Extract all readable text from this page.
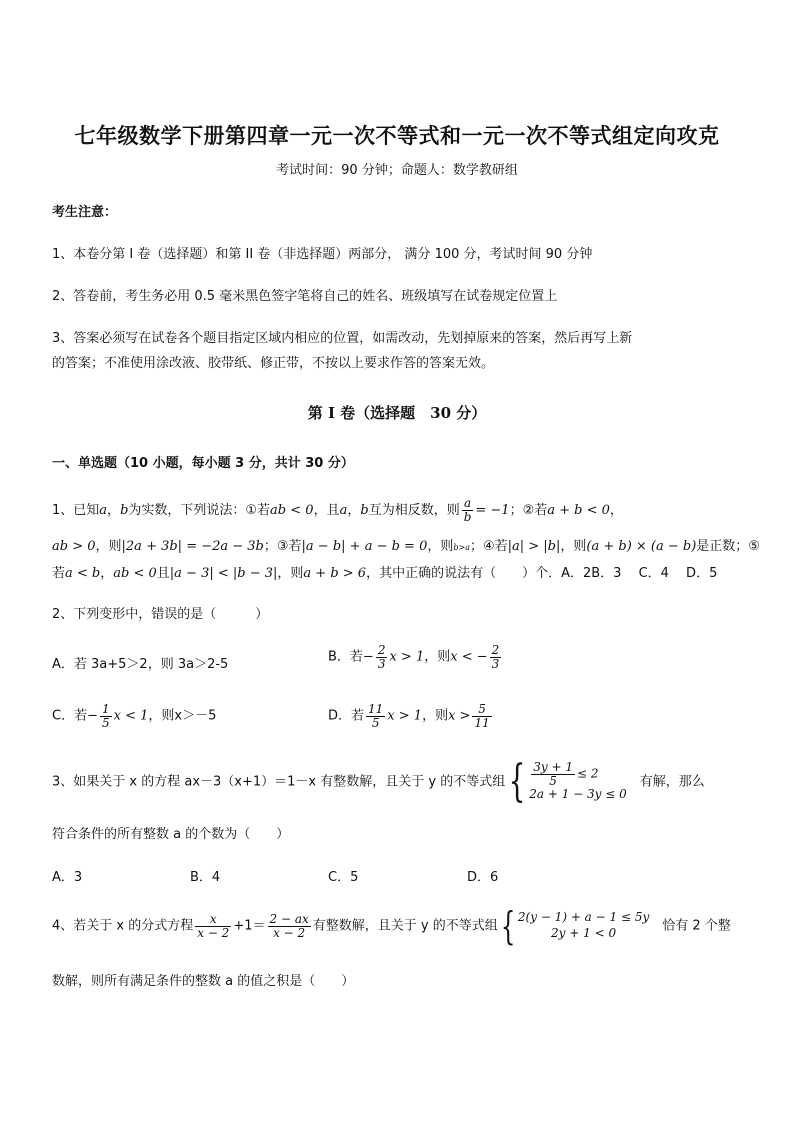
七年级数学下册第四章一元一次不等式和一元一次不等式组定向攻克
考试时间：90 分钟；命题人：数学教研组
考生注意：
1、本卷分第 I 卷（选择题）和第 II 卷（非选择题）两部分， 满分 100 分，考试时间 90 分钟
2、答卷前，考生务必用 0.5 毫米黑色签字笔将自己的姓名、班级填写在试卷规定位置上
3、答案必须写在试卷各个题目指定区域内相应的位置，如需改动，先划掉原来的答案，然后再写上新
的答案；不准使用涂改液、胶带纸、修正带，不按以上要求作答的答案无效。
第 I 卷（选择题　30 分）
一、单选题（10 小题，每小题 3 分，共计 30 分）
1、已知a，b为实数，下列说法：①若ab < 0，且a，b互为相反数，则 $\frac{a}{b} = -1$；②若a + b < 0，
ab > 0，则|2a + 3b| = −2a − 3b；③若|a − b| + a − b = 0，则b>a；④若|a| > |b|，则(a + b) × (a − b)是正数；⑤
若a < b，ab < 0且|a − 3| < |b − 3|，则a + b > 6，其中正确的说法有（　　）个．A．2B．3　 C．4　 D．5
2、下列变形中，错误的是（　　　）
A．若 3a+5＞2，则 3a＞2-5	B．若− $\frac{2}{3}$ x > 1，则x < − $\frac{2}{3}$
C．若− $\frac{1}{5}$ x < 1，则x＞－5	D．若 $\frac{11}{5}$ x > 1，则$x > \frac{5}{11}$
3、如果关于 x 的方程 ax－3（x+1）＝1－x 有整数解，且关于 y 的不等式组{ $\frac{3y + 1}{5} \le 2$
2a + 1 − 3y ≤ 0
　有解，那么
符合条件的所有整数 a 的个数为（　　）
A．3	B．4	C．5	D．6
4、若关于 x 的分式方程 $\frac{x}{x - 2} +1= \frac{2 - ax}{x - 2}$ 有整数解，且关于 y 的不等式组{ 2(y − 1) + a − 1 ≤ 5y
2y + 1 < 0
　	恰有 2 个整
数解，则所有满足条件的整数 a 的值之积是（　　）
